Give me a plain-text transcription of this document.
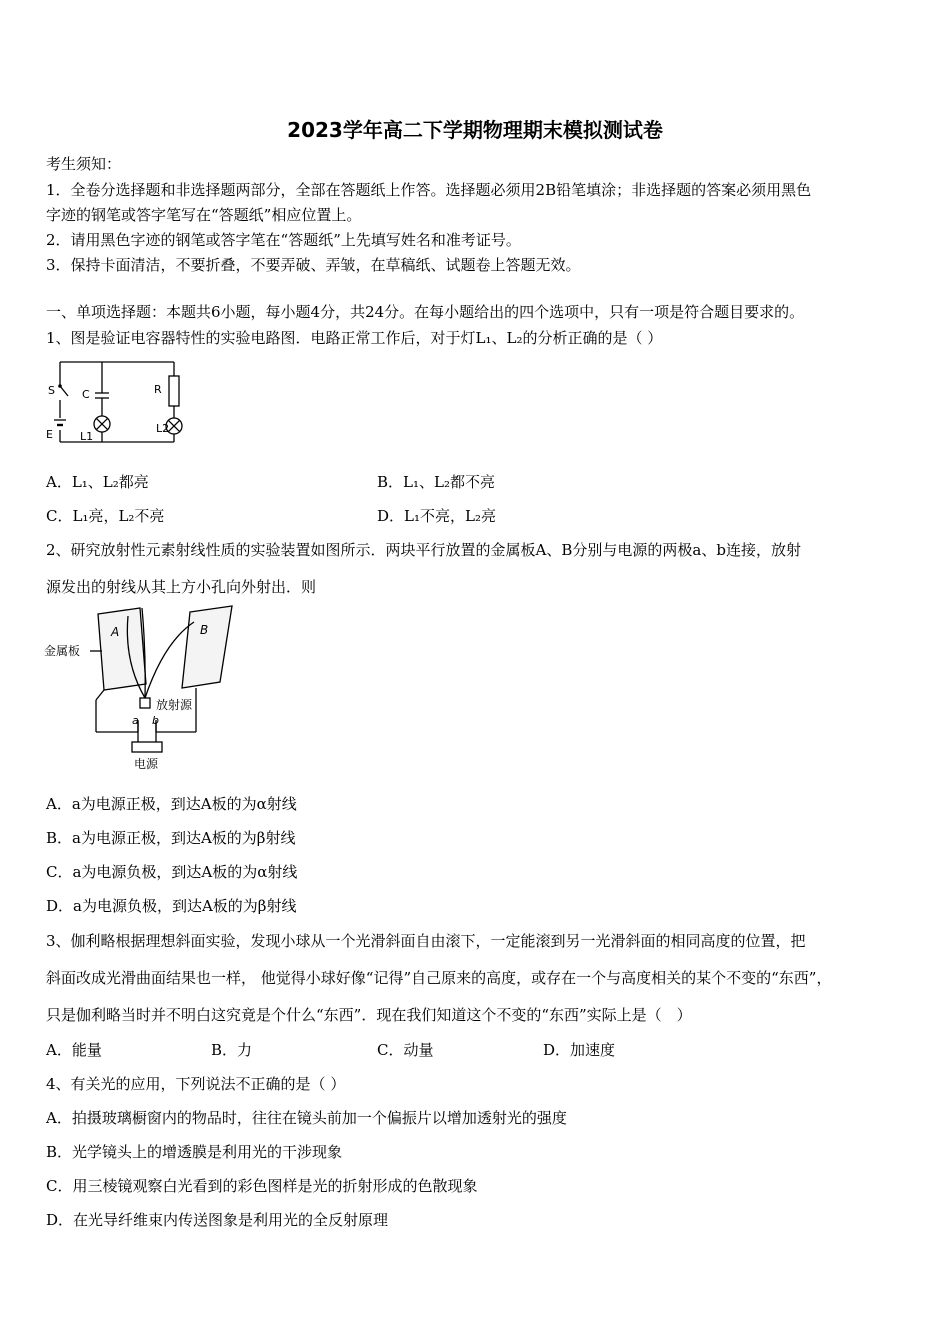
2023学年高二下学期物理期末模拟测试卷
考生须知：
1．全卷分选择题和非选择题两部分，全部在答题纸上作答。选择题必须用2B铅笔填涂；非选择题的答案必须用黑色
字迹的钢笔或答字笔写在“答题纸”相应位置上。
2．请用黑色字迹的钢笔或答字笔在“答题纸”上先填写姓名和准考证号。
3．保持卡面清洁，不要折叠，不要弄破、弄皱，在草稿纸、试题卷上答题无效。
一、单项选择题：本题共6小题，每小题4分，共24分。在每小题给出的四个选项中，只有一项是符合题目要求的。
1、图是验证电容器特性的实验电路图．电路正常工作后，对于灯L₁、L₂的分析正确的是（ ）
S C	R
E L1
L2
A．L₁、L₂都亮	B．L₁、L₂都不亮
C．L₁亮，L₂不亮	D．L₁不亮，L₂亮
2、研究放射性元素射线性质的实验装置如图所示．两块平行放置的金属板A、B分别与电源的两极a、b连接，放射
源发出的射线从其上方小孔向外射出．则
A	B
金属板
放射源
a b
电源
A．a为电源正极，到达A板的为α射线
B．a为电源正极，到达A板的为β射线
C．a为电源负极，到达A板的为α射线
D．a为电源负极，到达A板的为β射线
3、伽利略根据理想斜面实验，发现小球从一个光滑斜面自由滚下，一定能滚到另一光滑斜面的相同高度的位置，把
斜面改成光滑曲面结果也一样， 他觉得小球好像“记得”自己原来的高度，或存在一个与高度相关的某个不变的“东西”，
只是伽利略当时并不明白这究竟是个什么“东西”．现在我们知道这个不变的“东西”实际上是（　）
A．能量	B．力	C．动量	D．加速度
4、有关光的应用，下列说法不正确的是（ ）
A．拍摄玻璃橱窗内的物品时，往往在镜头前加一个偏振片以增加透射光的强度
B．光学镜头上的增透膜是利用光的干涉现象
C．用三棱镜观察白光看到的彩色图样是光的折射形成的色散现象
D．在光导纤维束内传送图象是利用光的全反射原理
